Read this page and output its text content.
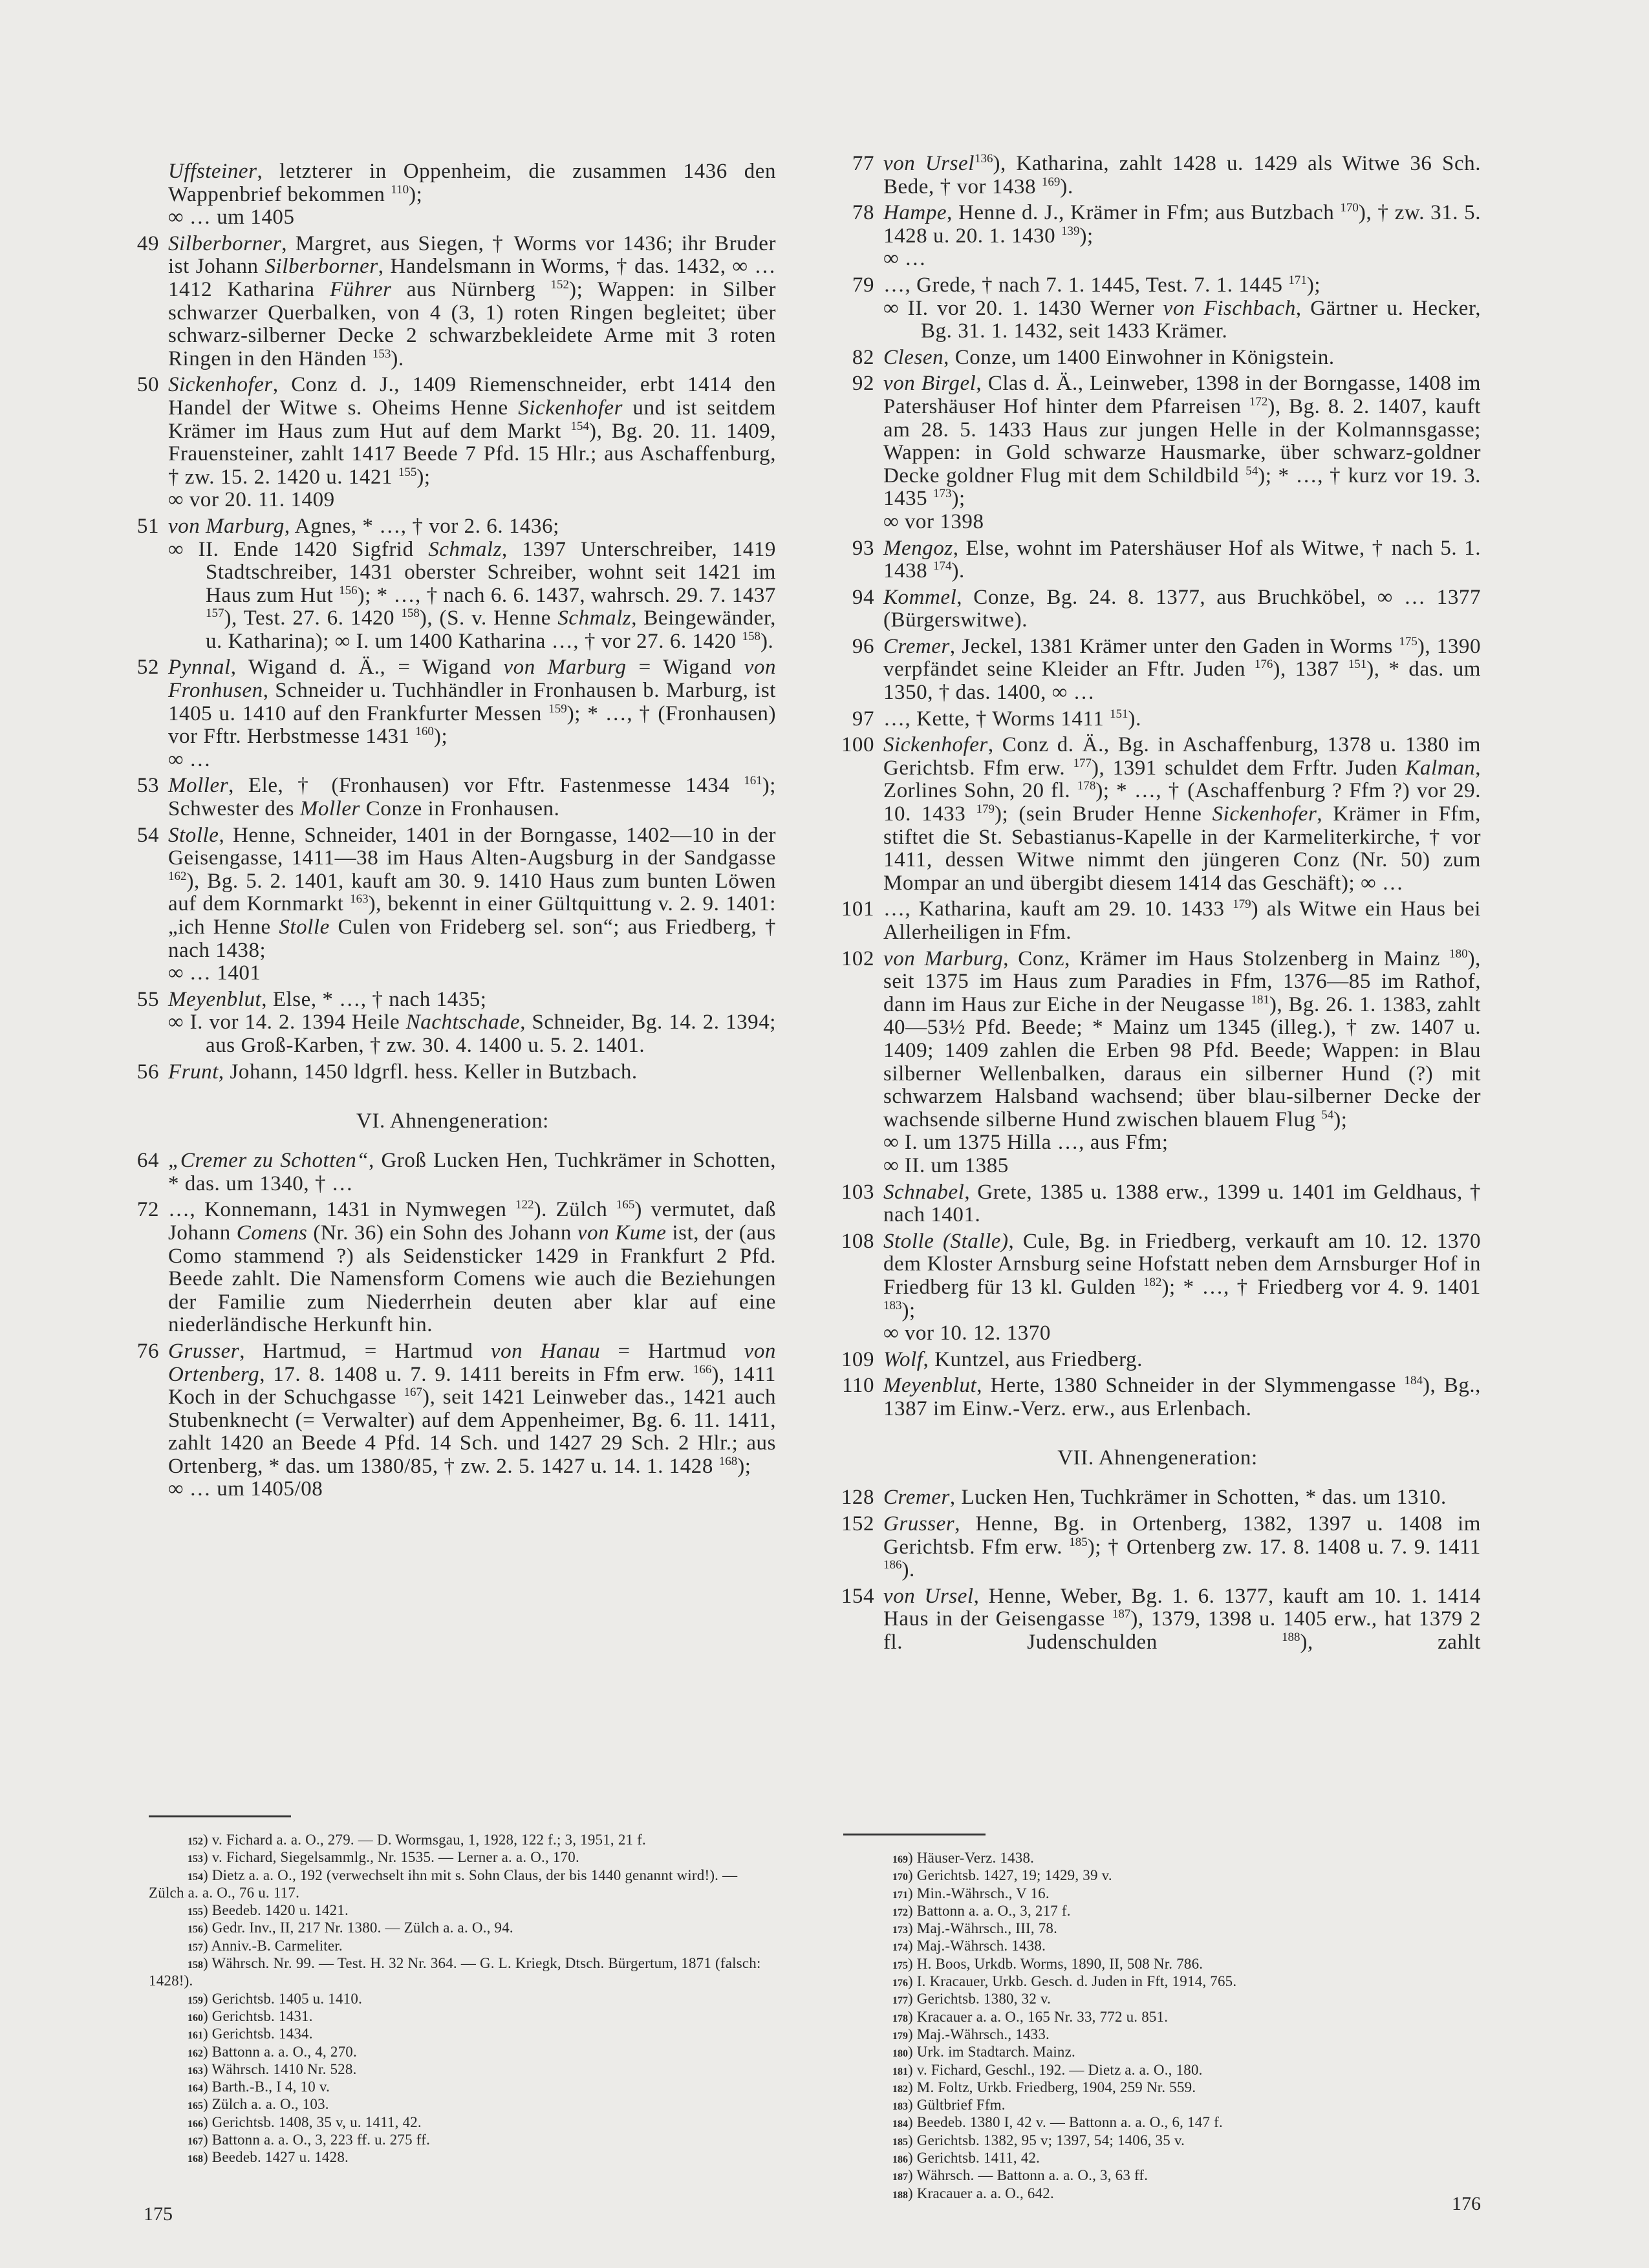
Uffsteiner, letzterer in Oppenheim, die zusammen 1436 den Wappenbrief bekommen $^{110}$);
∞ … um 1405
49 Silberborner, Margret, aus Siegen, † Worms vor 1436; ihr Bruder ist Johann Silberborner, Handelsmann in Worms, † das. 1432, ∞ … 1412 Katharina Führer aus Nürnberg $^{152}$); Wappen: in Silber schwarzer Querbalken, von 4 (3, 1) roten Ringen begleitet; über schwarz-silberner Decke 2 schwarzbekleidete Arme mit 3 roten Ringen in den Händen $^{153}$).
50 Sickenhofer, Conz d. J., 1409 Riemenschneider, erbt 1414 den Handel der Witwe s. Oheims Henne Sickenhofer und ist seitdem Krämer im Haus zum Hut auf dem Markt $^{154}$), Bg. 20. 11. 1409, Frauensteiner, zahlt 1417 Beede 7 Pfd. 15 Hlr.; aus Aschaffenburg, † zw. 15. 2. 1420 u. 1421 $^{155}$);
∞ vor 20. 11. 1409
51 von Marburg, Agnes, * …, † vor 2. 6. 1436;
∞ II. Ende 1420 Sigfrid Schmalz, 1397 Unterschreiber, 1419 Stadtschreiber, 1431 oberster Schreiber, wohnt seit 1421 im Haus zum Hut $^{156}$); * …, † nach 6. 6. 1437, wahrsch. 29. 7. 1437 $^{157}$), Test. 27. 6. 1420 $^{158}$), (S. v. Henne Schmalz, Beingewänder, u. Katharina); ∞ I. um 1400 Katharina …, † vor 27. 6. 1420 $^{158}$).
52 Pynnal, Wigand d. Ä., = Wigand von Marburg = Wigand von Fronhusen, Schneider u. Tuchhändler in Fronhausen b. Marburg, ist 1405 u. 1410 auf den Frankfurter Messen $^{159}$); * …, † (Fronhausen) vor Fftr. Herbstmesse 1431 $^{160}$);
∞ …
53 Moller, Ele, † (Fronhausen) vor Fftr. Fastenmesse 1434 $^{161}$); Schwester des Moller Conze in Fronhausen.
54 Stolle, Henne, Schneider, 1401 in der Borngasse, 1402—10 in der Geisengasse, 1411—38 im Haus Alten-Augsburg in der Sandgasse $^{162}$), Bg. 5. 2. 1401, kauft am 30. 9. 1410 Haus zum bunten Löwen auf dem Kornmarkt $^{163}$), bekennt in einer Gültquittung v. 2. 9. 1401: „ich Henne Stolle Culen von Frideberg sel. son“; aus Friedberg, † nach 1438;
∞ … 1401
55 Meyenblut, Else, * …, † nach 1435;
∞ I. vor 14. 2. 1394 Heile Nachtschade, Schneider, Bg. 14. 2. 1394; aus Groß-Karben, † zw. 30. 4. 1400 u. 5. 2. 1401.
56 Frunt, Johann, 1450 ldgrfl. hess. Keller in Butzbach.
VI. Ahnengeneration:
64 „Cremer zu Schotten“, Groß Lucken Hen, Tuchkrämer in Schotten, * das. um 1340, † …
72 …, Konnemann, 1431 in Nymwegen $^{122}$). Zülch $^{165}$) vermutet, daß Johann Comens (Nr. 36) ein Sohn des Johann von Kume ist, der (aus Como stammend ?) als Seidensticker 1429 in Frankfurt 2 Pfd. Beede zahlt. Die Namensform Comens wie auch die Beziehungen der Familie zum Niederrhein deuten aber klar auf eine niederländische Herkunft hin.
76 Grusser, Hartmud, = Hartmud von Hanau = Hartmud von Ortenberg, 17. 8. 1408 u. 7. 9. 1411 bereits in Ffm erw. $^{166}$), 1411 Koch in der Schuchgasse $^{167}$), seit 1421 Leinweber das., 1421 auch Stubenknecht (= Verwalter) auf dem Appenheimer, Bg. 6. 11. 1411, zahlt 1420 an Beede 4 Pfd. 14 Sch. und 1427 29 Sch. 2 Hlr.; aus Ortenberg, * das. um 1380/85, † zw. 2. 5. 1427 u. 14. 1. 1428 $^{168}$);
∞ … um 1405/08
152) v. Fichard a. a. O., 279. — D. Wormsgau, 1, 1928, 122 f.; 3, 1951, 21 f.
153) v. Fichard, Siegelsammlg., Nr. 1535. — Lerner a. a. O., 170.
154) Dietz a. a. O., 192 (verwechselt ihn mit s. Sohn Claus, der bis 1440 genannt wird!). — Zülch a. a. O., 76 u. 117.
155) Beedeb. 1420 u. 1421.
156) Gedr. Inv., II, 217 Nr. 1380. — Zülch a. a. O., 94.
157) Anniv.-B. Carmeliter.
158) Währsch. Nr. 99. — Test. H. 32 Nr. 364. — G. L. Kriegk, Dtsch. Bürgertum, 1871 (falsch: 1428!).
159) Gerichtsb. 1405 u. 1410.
160) Gerichtsb. 1431.
161) Gerichtsb. 1434.
162) Battonn a. a. O., 4, 270.
163) Währsch. 1410 Nr. 528.
164) Barth.-B., I 4, 10 v.
165) Zülch a. a. O., 103.
166) Gerichtsb. 1408, 35 v, u. 1411, 42.
167) Battonn a. a. O., 3, 223 ff. u. 275 ff.
168) Beedeb. 1427 u. 1428.
175
77 von Ursel$^{136}$), Katharina, zahlt 1428 u. 1429 als Witwe 36 Sch. Bede, † vor 1438 $^{169}$).
78 Hampe, Henne d. J., Krämer in Ffm; aus Butzbach $^{170}$), † zw. 31. 5. 1428 u. 20. 1. 1430 $^{139}$);
∞ …
79 …, Grede, † nach 7. 1. 1445, Test. 7. 1. 1445 $^{171}$);
∞ II. vor 20. 1. 1430 Werner von Fischbach, Gärtner u. Hecker, Bg. 31. 1. 1432, seit 1433 Krämer.
82 Clesen, Conze, um 1400 Einwohner in Königstein.
92 von Birgel, Clas d. Ä., Leinweber, 1398 in der Borngasse, 1408 im Patershäuser Hof hinter dem Pfarreisen $^{172}$), Bg. 8. 2. 1407, kauft am 28. 5. 1433 Haus zur jungen Helle in der Kolmannsgasse; Wappen: in Gold schwarze Hausmarke, über schwarz-goldner Decke goldner Flug mit dem Schildbild $^{54}$); * …, † kurz vor 19. 3. 1435 $^{173}$);
∞ vor 1398
93 Mengoz, Else, wohnt im Patershäuser Hof als Witwe, † nach 5. 1. 1438 $^{174}$).
94 Kommel, Conze, Bg. 24. 8. 1377, aus Bruchköbel, ∞ … 1377 (Bürgerswitwe).
96 Cremer, Jeckel, 1381 Krämer unter den Gaden in Worms $^{175}$), 1390 verpfändet seine Kleider an Fftr. Juden $^{176}$), 1387 $^{151}$), * das. um 1350, † das. 1400, ∞ …
97 …, Kette, † Worms 1411 $^{151}$).
100 Sickenhofer, Conz d. Ä., Bg. in Aschaffenburg, 1378 u. 1380 im Gerichtsb. Ffm erw. $^{177}$), 1391 schuldet dem Frftr. Juden Kalman, Zorlines Sohn, 20 fl. $^{178}$); * …, † (Aschaffenburg ? Ffm ?) vor 29. 10. 1433 $^{179}$); (sein Bruder Henne Sickenhofer, Krämer in Ffm, stiftet die St. Sebastianus-Kapelle in der Karmeliterkirche, † vor 1411, dessen Witwe nimmt den jüngeren Conz (Nr. 50) zum Mompar an und übergibt diesem 1414 das Geschäft); ∞ …
101 …, Katharina, kauft am 29. 10. 1433 $^{179}$) als Witwe ein Haus bei Allerheiligen in Ffm.
102 von Marburg, Conz, Krämer im Haus Stolzenberg in Mainz $^{180}$), seit 1375 im Haus zum Paradies in Ffm, 1376—85 im Rathof, dann im Haus zur Eiche in der Neugasse $^{181}$), Bg. 26. 1. 1383, zahlt 40—53½ Pfd. Beede; * Mainz um 1345 (illeg.), † zw. 1407 u. 1409; 1409 zahlen die Erben 98 Pfd. Beede; Wappen: in Blau silberner Wellenbalken, daraus ein silberner Hund (?) mit schwarzem Halsband wachsend; über blau-silberner Decke der wachsende silberne Hund zwischen blauem Flug $^{54}$);
∞ I. um 1375 Hilla …, aus Ffm;
∞ II. um 1385
103 Schnabel, Grete, 1385 u. 1388 erw., 1399 u. 1401 im Geldhaus, † nach 1401.
108 Stolle (Stalle), Cule, Bg. in Friedberg, verkauft am 10. 12. 1370 dem Kloster Arnsburg seine Hofstatt neben dem Arnsburger Hof in Friedberg für 13 kl. Gulden $^{182}$); * …, † Friedberg vor 4. 9. 1401 $^{183}$);
∞ vor 10. 12. 1370
109 Wolf, Kuntzel, aus Friedberg.
110 Meyenblut, Herte, 1380 Schneider in der Slymmengasse $^{184}$), Bg., 1387 im Einw.-Verz. erw., aus Erlenbach.
VII. Ahnengeneration:
128 Cremer, Lucken Hen, Tuchkrämer in Schotten, * das. um 1310.
152 Grusser, Henne, Bg. in Ortenberg, 1382, 1397 u. 1408 im Gerichtsb. Ffm erw. $^{185}$); † Ortenberg zw. 17. 8. 1408 u. 7. 9. 1411 $^{186}$).
154 von Ursel, Henne, Weber, Bg. 1. 6. 1377, kauft am 10. 1. 1414 Haus in der Geisengasse $^{187}$), 1379, 1398 u. 1405 erw., hat 1379 2 fl. Judenschulden $^{188}$), zahlt
169) Häuser-Verz. 1438.
170) Gerichtsb. 1427, 19; 1429, 39 v.
171) Min.-Währsch., V 16.
172) Battonn a. a. O., 3, 217 f.
173) Maj.-Währsch., III, 78.
174) Maj.-Währsch. 1438.
175) H. Boos, Urkdb. Worms, 1890, II, 508 Nr. 786.
176) I. Kracauer, Urkb. Gesch. d. Juden in Fft, 1914, 765.
177) Gerichtsb. 1380, 32 v.
178) Kracauer a. a. O., 165 Nr. 33, 772 u. 851.
179) Maj.-Währsch., 1433.
180) Urk. im Stadtarch. Mainz.
181) v. Fichard, Geschl., 192. — Dietz a. a. O., 180.
182) M. Foltz, Urkb. Friedberg, 1904, 259 Nr. 559.
183) Gültbrief Ffm.
184) Beedeb. 1380 I, 42 v. — Battonn a. a. O., 6, 147 f.
185) Gerichtsb. 1382, 95 v; 1397, 54; 1406, 35 v.
186) Gerichtsb. 1411, 42.
187) Währsch. — Battonn a. a. O., 3, 63 ff.
188) Kracauer a. a. O., 642.	176
